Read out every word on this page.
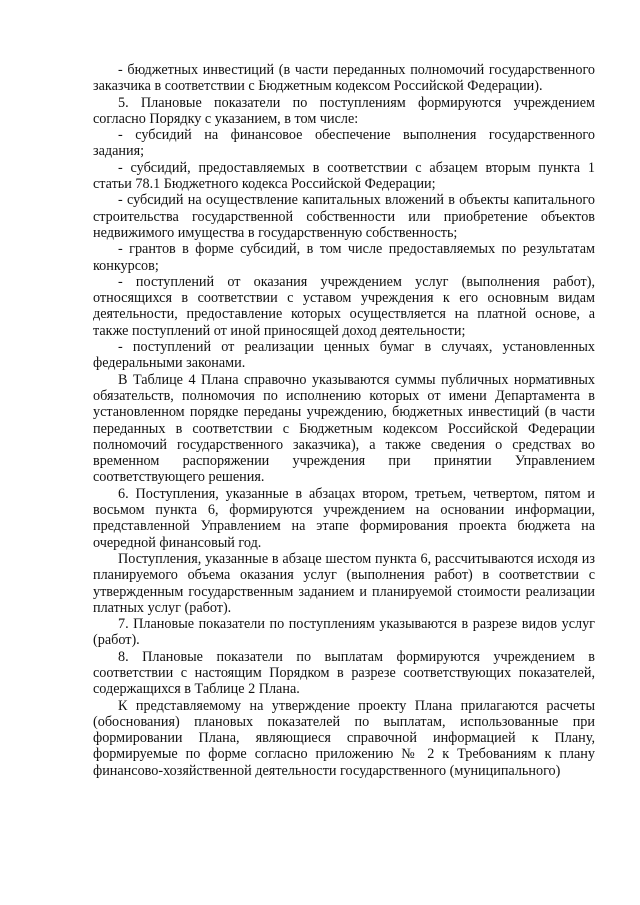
- бюджетных инвестиций (в части переданных полномочий государственного заказчика в соответствии с Бюджетным кодексом Российской Федерации).

5. Плановые показатели по поступлениям формируются учреждением согласно Порядку с указанием, в том числе:

- субсидий на финансовое обеспечение выполнения государственного задания;

- субсидий, предоставляемых в соответствии с абзацем вторым пункта 1 статьи 78.1 Бюджетного кодекса Российской Федерации;

- субсидий на осуществление капитальных вложений в объекты капитального строительства государственной собственности или приобретение объектов недвижимого имущества в государственную собственность;

- грантов в форме субсидий, в том числе предоставляемых по результатам конкурсов;

- поступлений от оказания учреждением услуг (выполнения работ), относящихся в соответствии с уставом учреждения к его основным видам деятельности, предоставление которых осуществляется на платной основе, а также поступлений от иной приносящей доход деятельности;

- поступлений от реализации ценных бумаг в случаях, установленных федеральными законами.

В Таблице 4 Плана справочно указываются суммы публичных нормативных обязательств, полномочия по исполнению которых от имени Департамента в установленном порядке переданы учреждению, бюджетных инвестиций (в части переданных в соответствии с Бюджетным кодексом Российской Федерации полномочий государственного заказчика), а также сведения о средствах во временном распоряжении учреждения при принятии Управлением соответствующего решения.

6. Поступления, указанные в абзацах втором, третьем, четвертом, пятом и восьмом пункта 6, формируются учреждением на основании информации, представленной Управлением на этапе формирования проекта бюджета на очередной финансовый год.

Поступления, указанные в абзаце шестом пункта 6, рассчитываются исходя из планируемого объема оказания услуг (выполнения работ) в соответствии с утвержденным государственным заданием и планируемой стоимости реализации платных услуг (работ).

7. Плановые показатели по поступлениям указываются в разрезе видов услуг (работ).

8. Плановые показатели по выплатам формируются учреждением в соответствии с настоящим Порядком в разрезе соответствующих показателей, содержащихся в Таблице 2 Плана.

К представляемому на утверждение проекту Плана прилагаются расчеты (обоснования) плановых показателей по выплатам, использованные при формировании Плана, являющиеся справочной информацией к Плану, формируемые по форме согласно приложению № 2 к Требованиям к плану финансово-хозяйственной деятельности государственного (муниципального)
